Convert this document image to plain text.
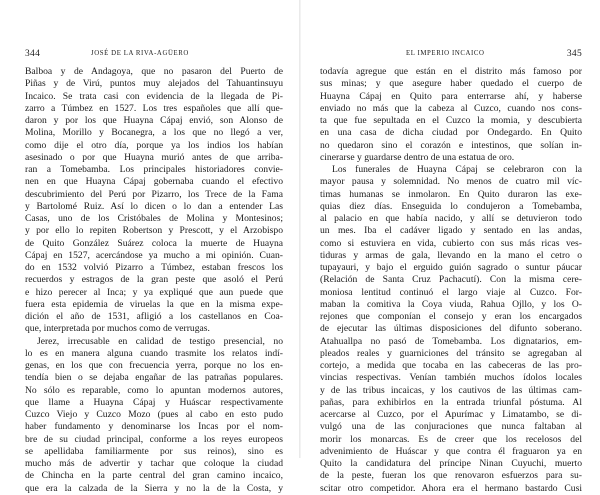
344	JOSÉ DE LA RIVA-AGÜERO
Balboa y de Andagoya, que no pasaron del Puerto de
Piñas y de Virú, puntos muy alejados del Tahuantinsuyu
Incaico. Se trata casi con evidencia de la llegada de Pi-
zarro a Túmbez en 1527. Los tres españoles que allí que-
daron y por los que Huayna Cápaj envió, son Alonso de
Molina, Morillo y Bocanegra, a los que no llegó a ver,
como dije el otro día, porque ya los indios los habían
asesinado o por que Huayna murió antes de que arriba-
ran a Tomebamba. Los principales historiadores convie-
nen en que Huayna Cápaj gobernaba cuando el efectivo
descubrimiento del Perú por Pizarro, los Trece de la Fama
y Bartolomé Ruiz. Así lo dicen o lo dan a entender Las
Casas, uno de los Cristóbales de Molina y Montesinos;
y por ello lo repiten Robertson y Prescott, y el Arzobispo
de Quito González Suárez coloca la muerte de Huayna
Cápaj en 1527, acercándose ya mucho a mi opinión. Cuan-
do en 1532 volvió Pizarro a Túmbez, estaban frescos los
recuerdos y estragos de la gran peste que asoló el Perú
e hizo perecer al Inca; y ya expliqué que aun puede que
fuera esta epidemia de viruelas la que en la misma expe-
dición el año de 1531, afligió a los castellanos en Coa-
que, interpretada por muchos como de verrugas.
Jerez, irrecusable en calidad de testigo presencial, no
lo es en manera alguna cuando trasmite los relatos indí-
genas, en los que con frecuencia yerra, porque no los en-
tendía bien o se dejaba engañar de las patrañas populares.
No sólo es reparable, como lo apuntan modernos autores,
que llame a Huayna Cápaj y Huáscar respectivamente
Cuzco Viejo y Cuzco Mozo (pues al cabo en esto pudo
haber fundamento y denominarse los Incas por el nom-
bre de su ciudad principal, conforme a los reyes europeos
se apellidaba familiarmente por sus reinos), sino es
mucho más de advertir y tachar que coloque la ciudad
de Chincha en la parte central del gran camino incaico,
que era la calzada de la Sierra y no la de la Costa, y
EL IMPERIO INCAICO	345
todavía agregue que están en el distrito más famoso por
sus minas; y que asegure haber quedado el cuerpo de
Huayna Cápaj en Quito para enterrarse ahí, y haberse
enviado no más que la cabeza al Cuzco, cuando nos cons-
ta que fue sepultada en el Cuzco la momia, y descubierta
en una casa de dicha ciudad por Ondegardo. En Quito
no quedaron sino el corazón e intestinos, que solían in-
cinerarse y guardarse dentro de una estatua de oro.
Los funerales de Huayna Cápaj se celebraron con la
mayor pausa y solemnidad. No menos de cuatro mil víc-
timas humanas se inmolaron. En Quito duraron las exe-
quias diez días. Enseguida lo condujeron a Tomebamba,
al palacio en que había nacido, y allí se detuvieron todo
un mes. Iba el cadáver ligado y sentado en las andas,
como si estuviera en vida, cubierto con sus más ricas ves-
tiduras y armas de gala, llevando en la mano el cetro o
tupayauri, y bajo el erguido guión sagrado o suntur páucar
(Relación de Santa Cruz Pachacutí). Con la misma cere-
moniosa lentitud continuó el largo viaje al Cuzco. For-
maban la comitiva la Coya viuda, Rahua Ojllo, y los O-
rejones que componían el consejo y eran los encargados
de ejecutar las últimas disposiciones del difunto soberano.
Atahuallpa no pasó de Tomebamba. Los dignatarios, em-
pleados reales y guarniciones del tránsito se agregaban al
cortejo, a medida que tocaba en las cabeceras de las pro-
vincias respectivas. Venían también muchos ídolos locales
y de las tribus incaicas, y los cautivos de las últimas cam-
pañas, para exhibirlos en la entrada triunfal póstuma. Al
acercarse al Cuzco, por el Apurímac y Limatambo, se di-
vulgó una de las conjuraciones que nunca faltaban al
morir los monarcas. Es de creer que los recelosos del
advenimiento de Huáscar y que contra él fraguaron ya en
Quito la candidatura del príncipe Ninan Cuyuchi, muerto
de la peste, fueran los que renovaron esfuerzos para su-
scitar otro competidor. Ahora era el hermano bastardo Cusi
